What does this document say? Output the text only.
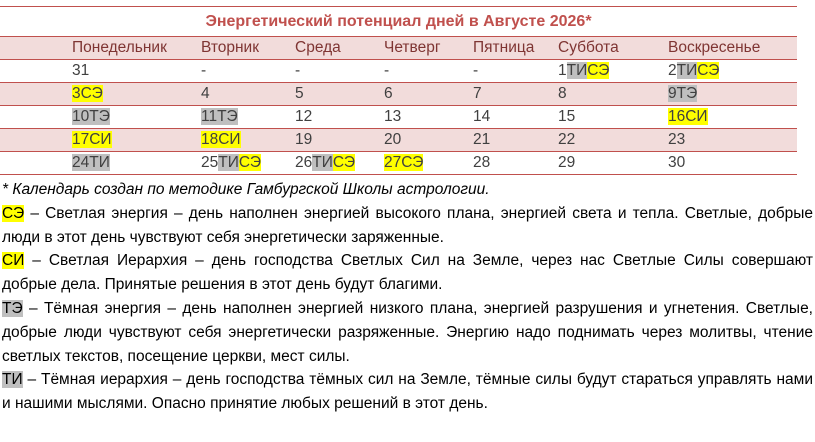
Энергетический потенциал дней в Августе 2026*
Понедельник	Вторник	Среда	Четверг	Пятница	Суббота	Воскресенье
31	-	-	-	-	1ТИСЭ	2ТИСЭ
3СЭ	4	5	6	7	8	9ТЭ
10ТЭ	11ТЭ	12	13	14	15	16СИ
17СИ	18СИ	19	20	21	22	23
24ТИ	25ТИСЭ	26ТИСЭ	27СЭ	28	29	30
* Календарь создан по методике Гамбургской Школы астрологии.
СЭ – Светлая энергия – день наполнен энергией высокого плана, энергией света и тепла. Светлые, добрые люди в этот день чувствуют себя энергетически заряженные.
СИ – Светлая Иерархия – день господства Светлых Сил на Земле, через нас Светлые Силы совершают добрые дела. Принятые решения в этот день будут благими.
ТЭ – Тёмная энергия – день наполнен энергией низкого плана, энергией разрушения и угнетения. Светлые, добрые люди чувствуют себя энергетически разряженные. Энергию надо поднимать через молитвы, чтение светлых текстов, посещение церкви, мест силы.
ТИ – Тёмная иерархия – день господства тёмных сил на Земле, тёмные силы будут стараться управлять нами и нашими мыслями. Опасно принятие любых решений в этот день.
